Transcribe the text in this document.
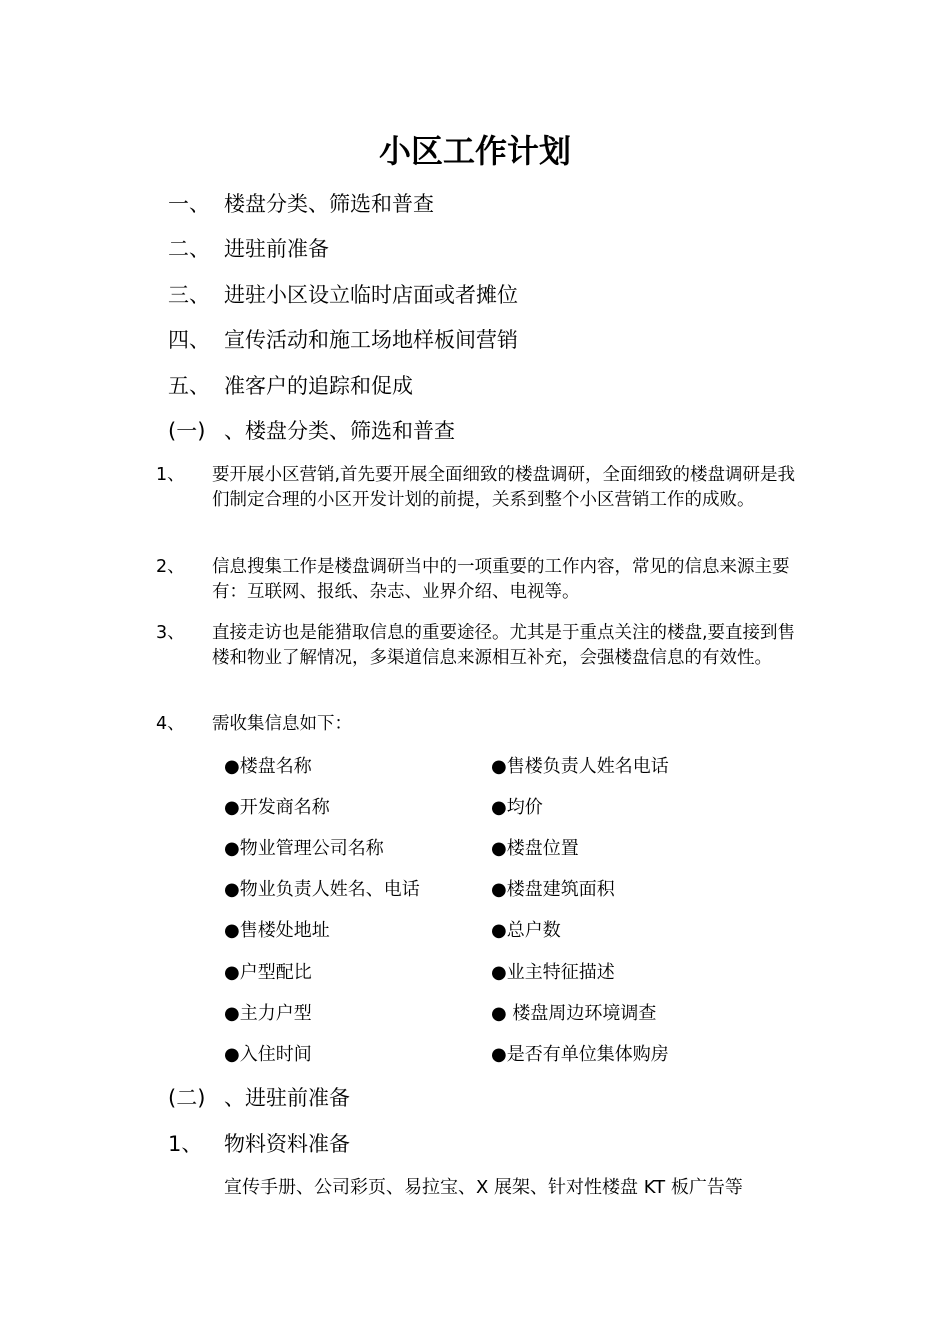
小区工作计划
一、 楼盘分类、筛选和普查
二、 进驻前准备
三、 进驻小区设立临时店面或者摊位
四、 宣传活动和施工场地样板间营销
五、 准客户的追踪和促成
(一) 、楼盘分类、筛选和普查
1、 要开展小区营销,首先要开展全面细致的楼盘调研，全面细致的楼盘调研是我们制定合理的小区开发计划的前提，关系到整个小区营销工作的成败。
2、 信息搜集工作是楼盘调研当中的一项重要的工作内容，常见的信息来源主要有：互联网、报纸、杂志、业界介绍、电视等。
3、 直接走访也是能猎取信息的重要途径。尤其是于重点关注的楼盘,要直接到售楼和物业了解情况，多渠道信息来源相互补充，会强楼盘信息的有效性。
4、 需收集信息如下：
●楼盘名称
●开发商名称
●物业管理公司名称
●物业负责人姓名、电话
●售楼处地址
●户型配比
●主力户型
●入住时间
●售楼负责人姓名电话
●均价
●楼盘位置
●楼盘建筑面积
●总户数
●业主特征描述
● 楼盘周边环境调查
●是否有单位集体购房
(二) 、进驻前准备
1、 物料资料准备
宣传手册、公司彩页、易拉宝、X 展架、针对性楼盘 KT 板广告等
